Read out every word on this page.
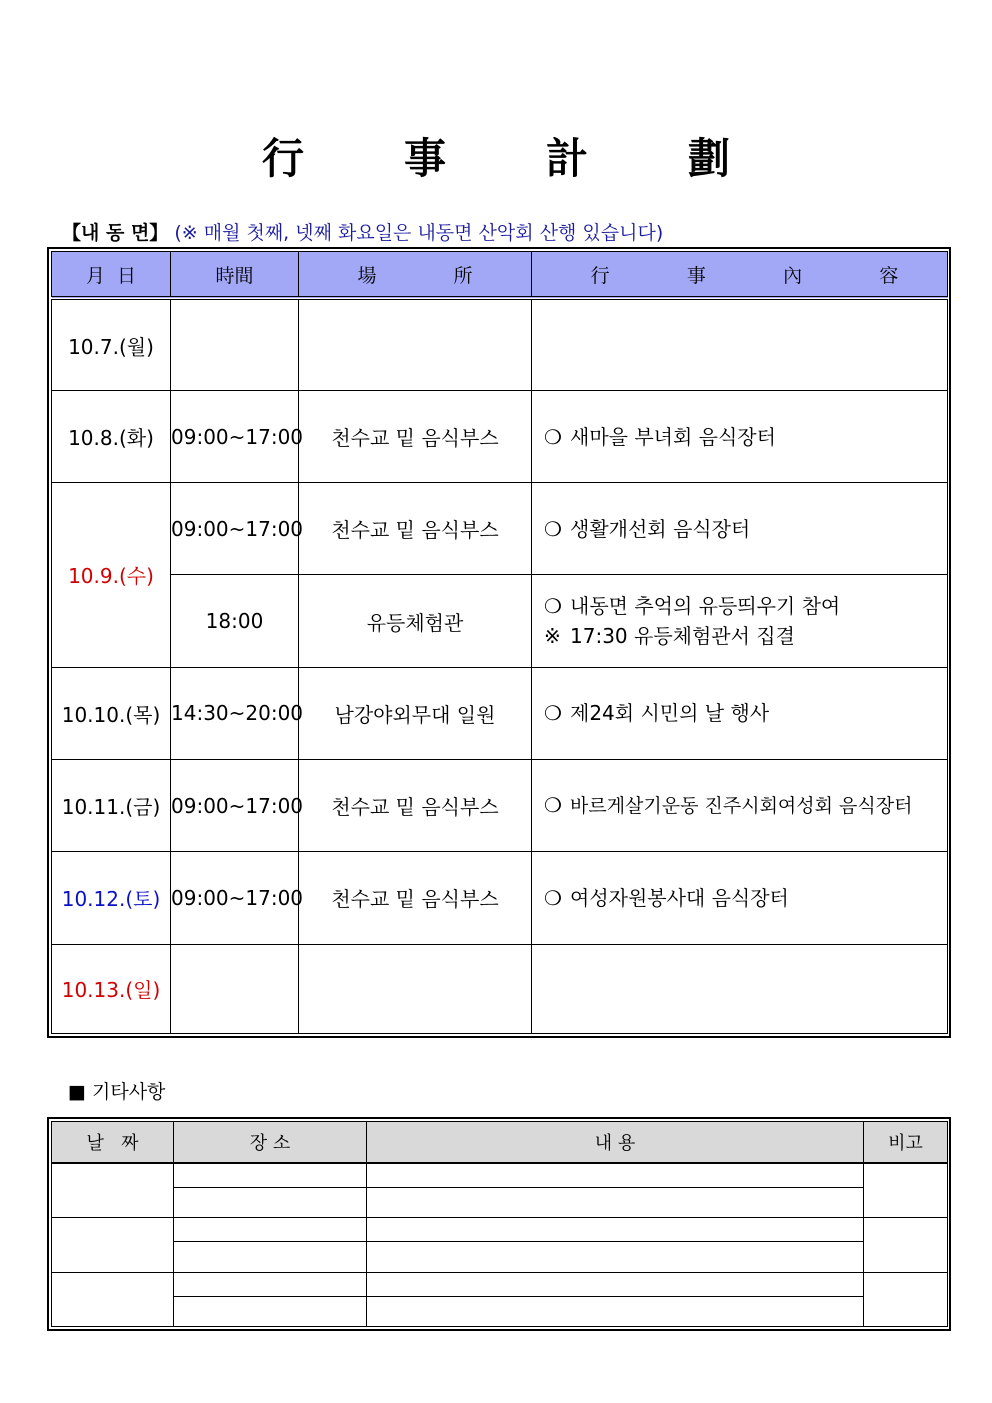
行 事 計 劃
【내 동 면】 (※ 매월 첫째, 넷째 화요일은 내동면 산악회 산행 있습니다)
月 日	時間	場 所	行 事 內 容

10.7.(월)			
10.8.(화)	09:00~17:00	천수교 밑 음식부스	❍ 새마을 부녀회 음식장터

10.9.(수)	09:00~17:00	천수교 밑 음식부스	❍ 생활개선회 음식장터

	18:00	유등체험관	❍ 내동면 추억의 유등띄우기 참여
※ 17:30 유등체험관서 집결

10.10.(목)	14:30~20:00	남강야외무대 일원	❍ 제24회 시민의 날 행사

10.11.(금)	09:00~17:00	천수교 밑 음식부스	❍ 바르게살기운동 진주시회여성회 음식장터

10.12.(토)	09:00~17:00	천수교 밑 음식부스	❍ 여성자원봉사대 음식장터

10.13.(일)			
■ 기타사항
날   짜	장 소	내 용	비고
